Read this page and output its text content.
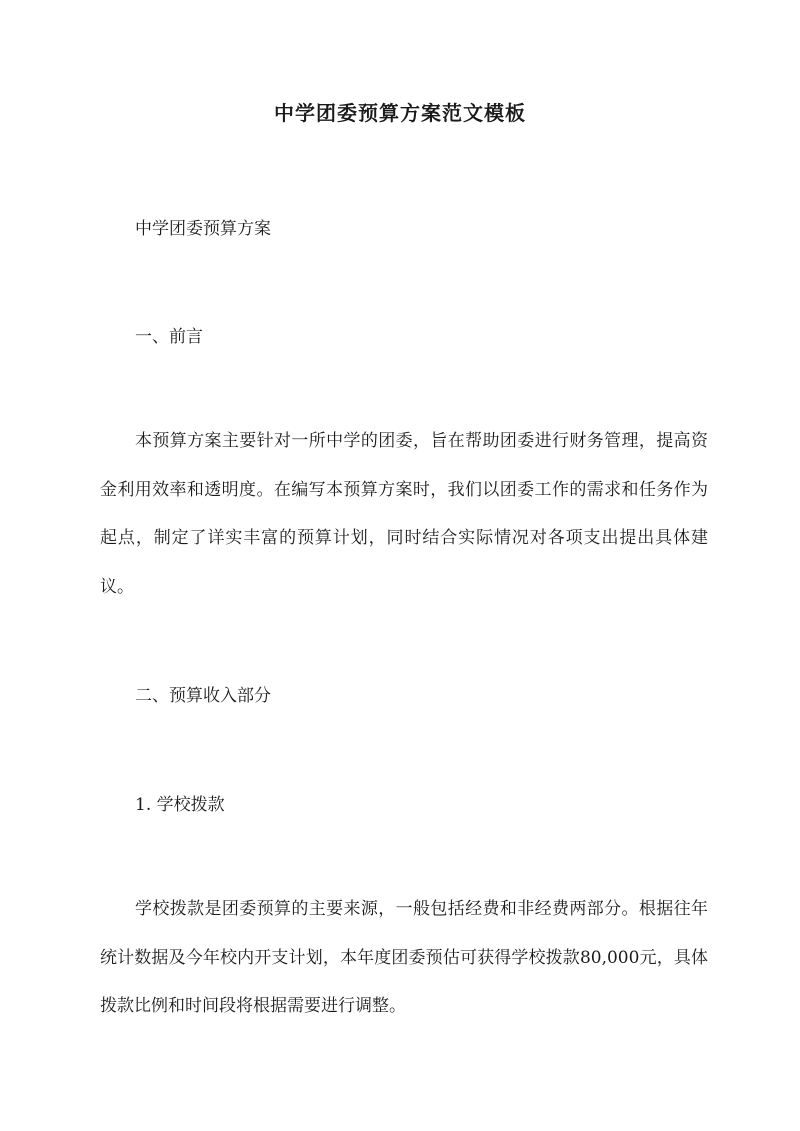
中学团委预算方案范文模板

中学团委预算方案

一、前言

本预算方案主要针对一所中学的团委，旨在帮助团委进行财务管理，提高资金利用效率和透明度。在编写本预算方案时，我们以团委工作的需求和任务作为起点，制定了详实丰富的预算计划，同时结合实际情况对各项支出提出具体建议。

二、预算收入部分

1. 学校拨款

学校拨款是团委预算的主要来源，一般包括经费和非经费两部分。根据往年统计数据及今年校内开支计划，本年度团委预估可获得学校拨款80,000元，具体拨款比例和时间段将根据需要进行调整。
